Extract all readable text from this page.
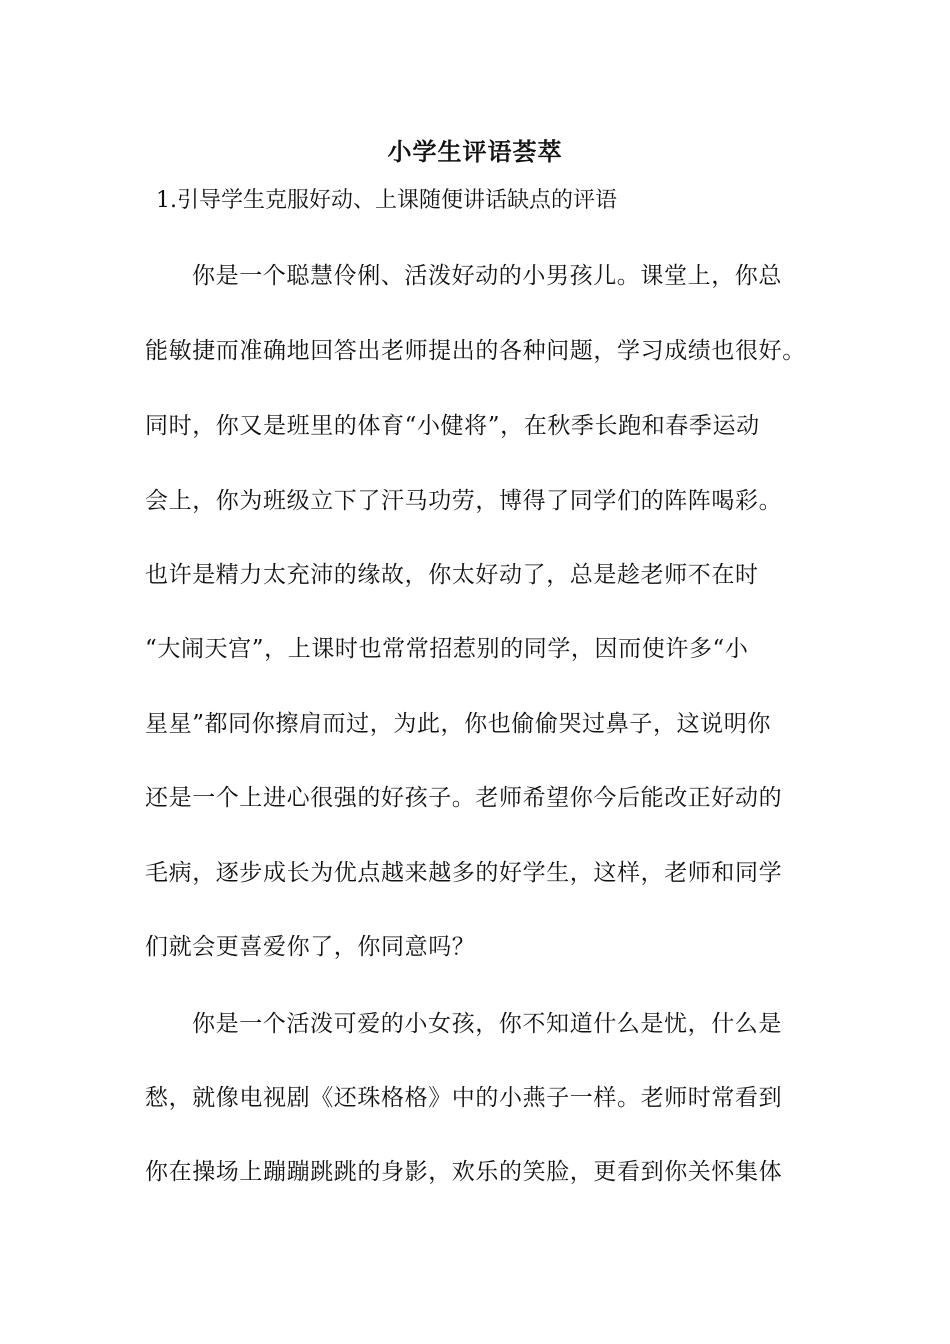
小学生评语荟萃
1.引导学生克服好动、上课随便讲话缺点的评语
你是一个聪慧伶俐、活泼好动的小男孩儿。课堂上，你总
能敏捷而准确地回答出老师提出的各种问题，学习成绩也很好。
同时，你又是班里的体育“小健将”，在秋季长跑和春季运动
会上，你为班级立下了汗马功劳，博得了同学们的阵阵喝彩。
也许是精力太充沛的缘故，你太好动了，总是趁老师不在时
“大闹天宫”，上课时也常常招惹别的同学，因而使许多“小
星星”都同你擦肩而过，为此，你也偷偷哭过鼻子，这说明你
还是一个上进心很强的好孩子。老师希望你今后能改正好动的
毛病，逐步成长为优点越来越多的好学生，这样，老师和同学
们就会更喜爱你了，你同意吗？
你是一个活泼可爱的小女孩，你不知道什么是忧，什么是
愁，就像电视剧《还珠格格》中的小燕子一样。老师时常看到
你在操场上蹦蹦跳跳的身影，欢乐的笑脸，更看到你关怀集体
